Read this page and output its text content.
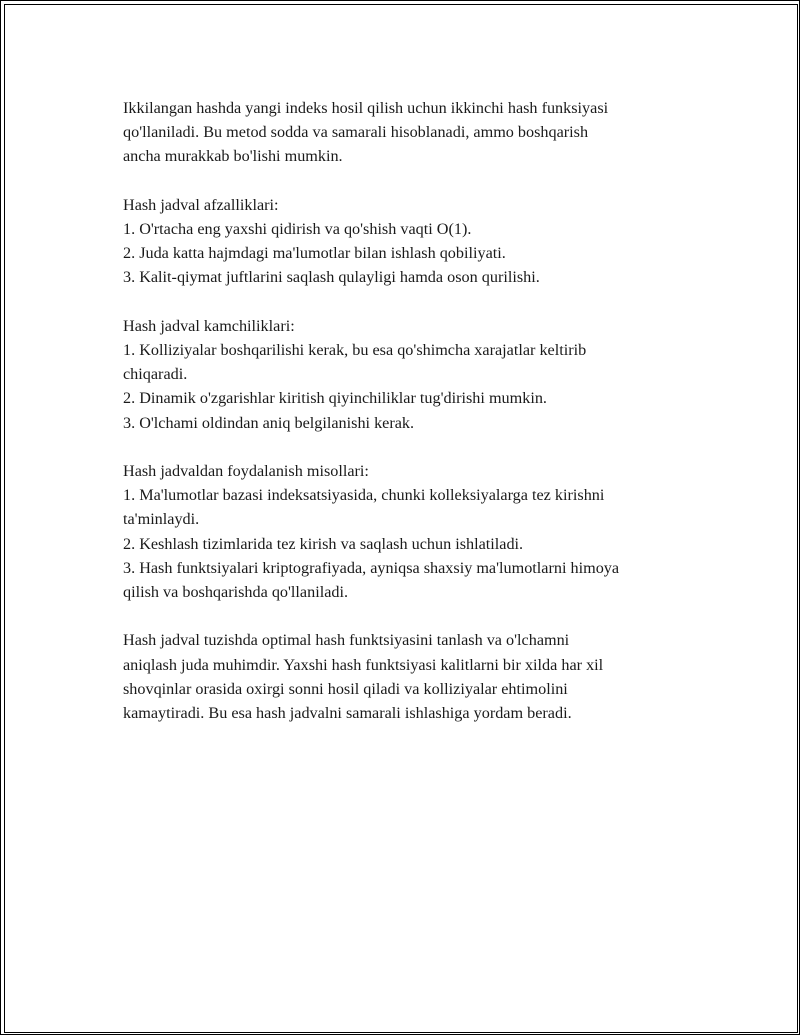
Ikkilangan hashda yangi indeks hosil qilish uchun ikkinchi hash funksiyasi

qo'llaniladi. Bu metod sodda va samarali hisoblanadi, ammo boshqarish

ancha murakkab bo'lishi mumkin.

Hash jadval afzalliklari:

1. O'rtacha eng yaxshi qidirish va qo'shish vaqti O(1).

2. Juda katta hajmdagi ma'lumotlar bilan ishlash qobiliyati.

3. Kalit-qiymat juftlarini saqlash qulayligi hamda oson qurilishi.

Hash jadval kamchiliklari:

1. Kolliziyalar boshqarilishi kerak, bu esa qo'shimcha xarajatlar keltirib

chiqaradi.

2. Dinamik o'zgarishlar kiritish qiyinchiliklar tug'dirishi mumkin.

3. O'lchami oldindan aniq belgilanishi kerak.

Hash jadvaldan foydalanish misollari:

1. Ma'lumotlar bazasi indeksatsiyasida, chunki kolleksiyalarga tez kirishni

ta'minlaydi.

2. Keshlash tizimlarida tez kirish va saqlash uchun ishlatiladi.

3. Hash funktsiyalari kriptografiyada, ayniqsa shaxsiy ma'lumotlarni himoya

qilish va boshqarishda qo'llaniladi.

Hash jadval tuzishda optimal hash funktsiyasini tanlash va o'lchamni

aniqlash juda muhimdir. Yaxshi hash funktsiyasi kalitlarni bir xilda har xil

shovqinlar orasida oxirgi sonni hosil qiladi va kolliziyalar ehtimolini

kamaytiradi. Bu esa hash jadvalni samarali ishlashiga yordam beradi.
